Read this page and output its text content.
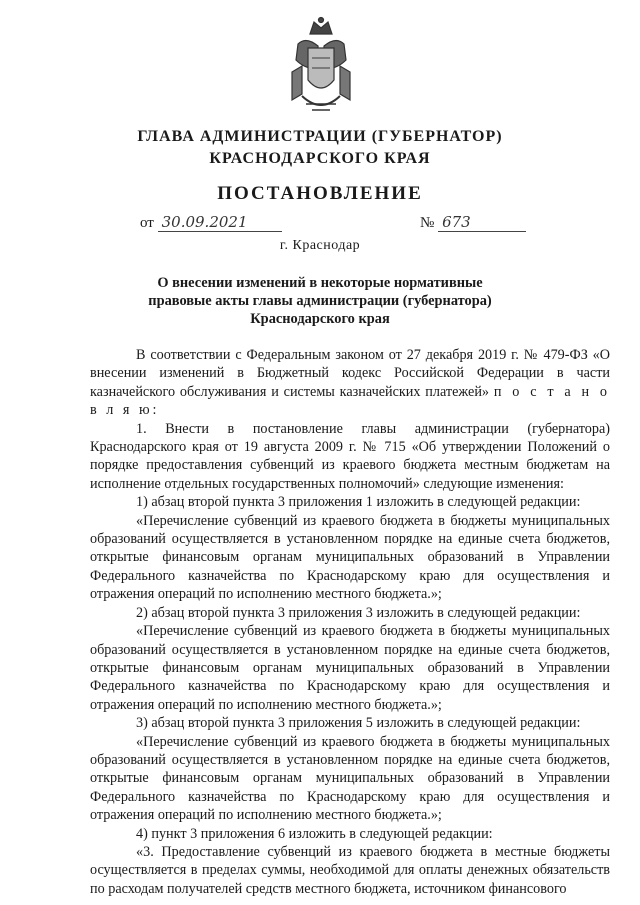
ГЛАВА АДМИНИСТРАЦИИ (ГУБЕРНАТОР)
КРАСНОДАРСКОГО КРАЯ
ПОСТАНОВЛЕНИЕ
от 30.09.2021	№ 673
г. Краснодар
О внесении изменений в некоторые нормативные
правовые акты главы администрации (губернатора)
Краснодарского края

В соответствии с Федеральным законом от 27 декабря 2019 г. № 479-ФЗ «О внесении изменений в Бюджетный кодекс Российской Федерации в части казначейского обслуживания и системы казначейских платежей» п о с т а н о в л я ю:

1. Внести в постановление главы администрации (губернатора) Краснодарского края от 19 августа 2009 г. № 715 «Об утверждении Положений о порядке предоставления субвенций из краевого бюджета местным бюджетам на исполнение отдельных государственных полномочий» следующие изменения:

1) абзац второй пункта 3 приложения 1 изложить в следующей редакции:

«Перечисление субвенций из краевого бюджета в бюджеты муниципальных образований осуществляется в установленном порядке на единые счета бюджетов, открытые финансовым органам муниципальных образований в Управлении Федерального казначейства по Краснодарскому краю для осуществления и отражения операций по исполнению местного бюджета.»;

2) абзац второй пункта 3 приложения 3 изложить в следующей редакции:

«Перечисление субвенций из краевого бюджета в бюджеты муниципальных образований осуществляется в установленном порядке на единые счета бюджетов, открытые финансовым органам муниципальных образований в Управлении Федерального казначейства по Краснодарскому краю для осуществления и отражения операций по исполнению местного бюджета.»;

3) абзац второй пункта 3 приложения 5 изложить в следующей редакции:

«Перечисление субвенций из краевого бюджета в бюджеты муниципальных образований осуществляется в установленном порядке на единые счета бюджетов, открытые финансовым органам муниципальных образований в Управлении Федерального казначейства по Краснодарскому краю для осуществления и отражения операций по исполнению местного бюджета.»;

4) пункт 3 приложения 6 изложить в следующей редакции:

«3. Предоставление субвенций из краевого бюджета в местные бюджеты осуществляется в пределах суммы, необходимой для оплаты денежных обязательств по расходам получателей средств местного бюджета, источником финансового
